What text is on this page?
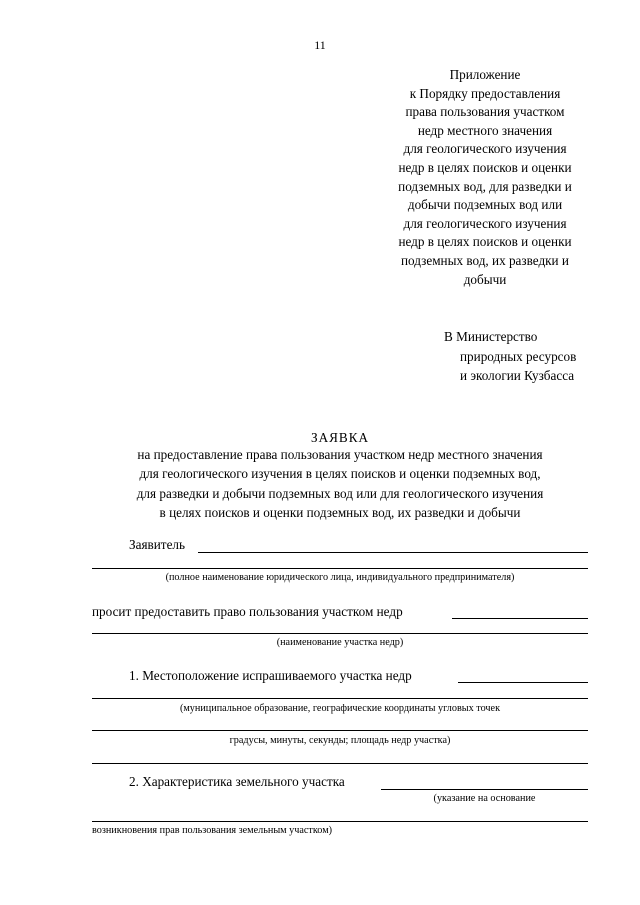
11
Приложение
к Порядку предоставления
права пользования участком
недр местного значения
для геологического изучения
недр в целях поисков и оценки
подземных вод, для разведки и
добычи подземных вод или
для геологического изучения
недр в целях поисков и оценки
подземных вод, их разведки и
добычи
В Министерство
природных ресурсов
и экологии Кузбасса
ЗАЯВКА
на предоставление права пользования участком недр местного значения
для геологического изучения в целях поисков и оценки подземных вод,
для разведки и добычи подземных вод или для геологического изучения
в целях поисков и оценки подземных вод, их разведки и добычи
Заявитель
(полное наименование юридического лица, индивидуального предпринимателя)
просит предоставить право пользования участком недр
(наименование участка недр)
1. Местоположение испрашиваемого участка недр
(муниципальное образование, географические координаты угловых точек
градусы, минуты, секунды; площадь недр участка)
2. Характеристика земельного участка
(указание на основание
возникновения прав пользования земельным участком)
